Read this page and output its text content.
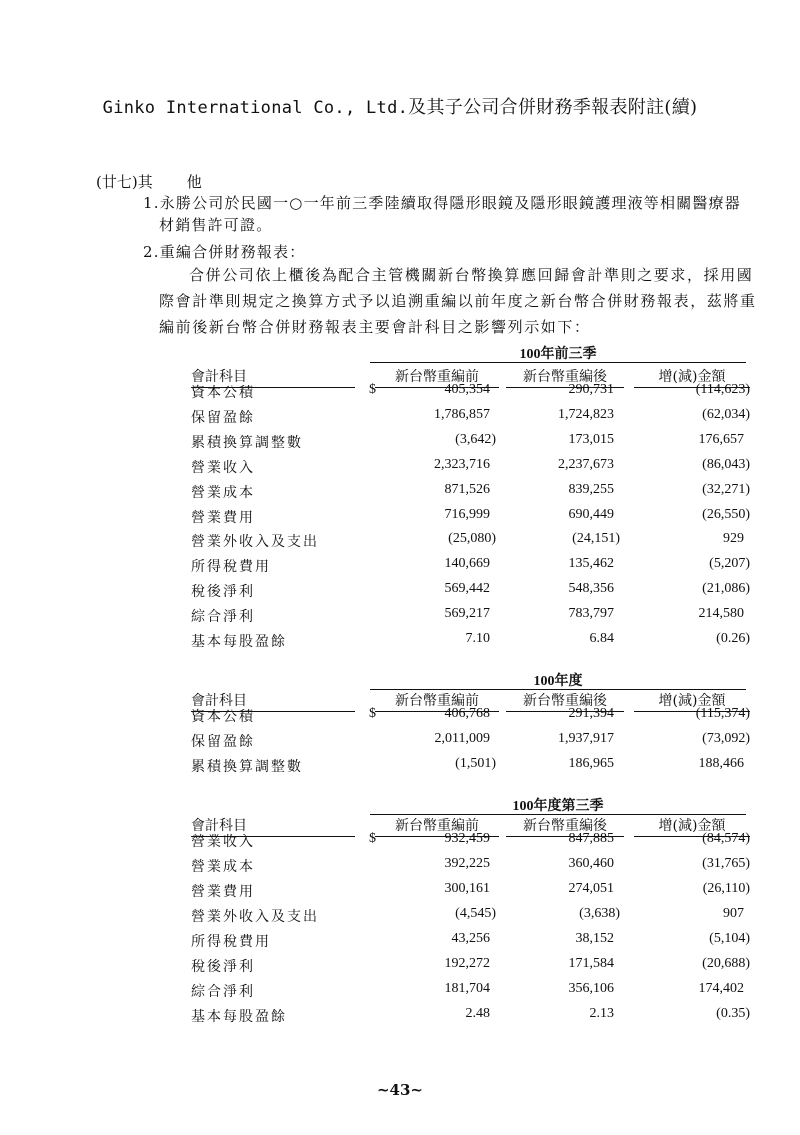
Ginko International Co., Ltd.及其子公司合併財務季報表附註(續)
(廿七)其 他
1.永勝公司於民國一○一年前三季陸續取得隱形眼鏡及隱形眼鏡護理液等相關醫療器
材銷售許可證。
2.重編合併財務報表：
合併公司依上櫃後為配合主管機關新台幣換算應回歸會計準則之要求，採用國
際會計準則規定之換算方式予以追溯重編以前年度之新台幣合併財務報表，茲將重
編前後新台幣合併財務報表主要會計科目之影響列示如下：
100年前三季
會計科目	新台幣重編前	新台幣重編後	增(減)金額
資本公積	$	405,354	290,731	(114,623)
保留盈餘	1,786,857	1,724,823	(62,034)
累積換算調整數	(3,642)	173,015	176,657
營業收入	2,323,716	2,237,673	(86,043)
營業成本	871,526	839,255	(32,271)
營業費用	716,999	690,449	(26,550)
營業外收入及支出	(25,080)	(24,151)	929
所得稅費用	140,669	135,462	(5,207)
稅後淨利	569,442	548,356	(21,086)
綜合淨利	569,217	783,797	214,580
基本每股盈餘	7.10	6.84	(0.26)
100年度
會計科目	新台幣重編前	新台幣重編後	增(減)金額
資本公積	$	406,768	291,394	(115,374)
保留盈餘	2,011,009	1,937,917	(73,092)
累積換算調整數	(1,501)	186,965	188,466
100年度第三季
會計科目	新台幣重編前	新台幣重編後	增(減)金額
營業收入	$	932,459	847,885	(84,574)
營業成本	392,225	360,460	(31,765)
營業費用	300,161	274,051	(26,110)
營業外收入及支出	(4,545)	(3,638)	907
所得稅費用	43,256	38,152	(5,104)
稅後淨利	192,272	171,584	(20,688)
綜合淨利	181,704	356,106	174,402
基本每股盈餘	2.48	2.13	(0.35)
~43~
